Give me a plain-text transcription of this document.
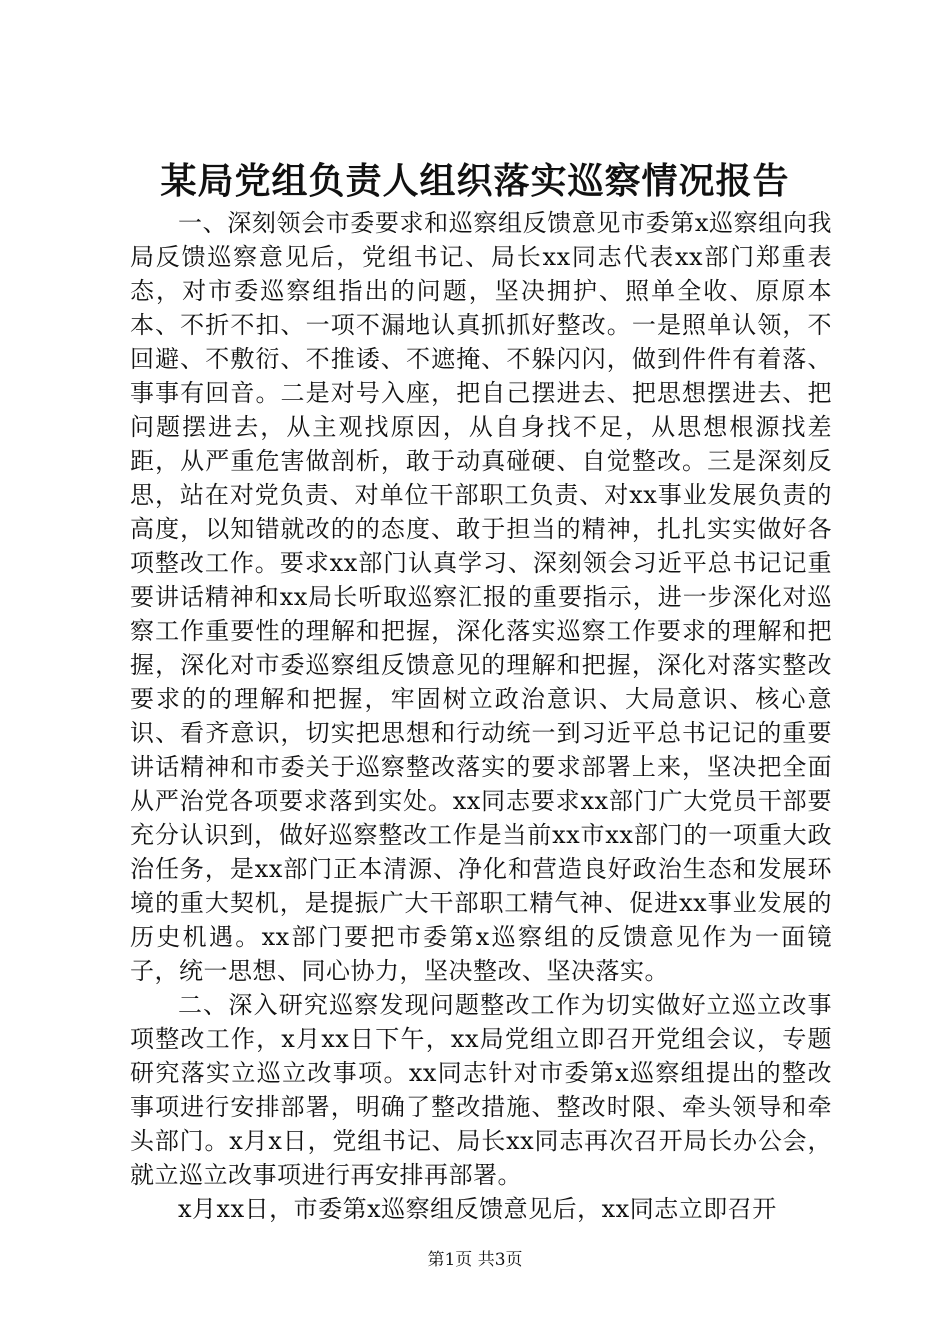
某局党组负责人组织落实巡察情况报告

一、深刻领会市委要求和巡察组反馈意见市委第x巡察组向我局反馈巡察意见后，党组书记、局长xx同志代表xx部门郑重表态，对市委巡察组指出的问题，坚决拥护、照单全收、原原本本、不折不扣、一项不漏地认真抓抓好整改。一是照单认领，不回避、不敷衍、不推诿、不遮掩、不躲闪闪，做到件件有着落、事事有回音。二是对号入座，把自己摆进去、把思想摆进去、把问题摆进去，从主观找原因，从自身找不足，从思想根源找差距，从严重危害做剖析，敢于动真碰硬、自觉整改。三是深刻反思，站在对党负责、对单位干部职工负责、对xx事业发展负责的高度，以知错就改的的态度、敢于担当的精神，扎扎实实做好各项整改工作。要求xx部门认真学习、深刻领会习近平总书记记重要讲话精神和xx局长听取巡察汇报的重要指示，进一步深化对巡察工作重要性的理解和把握，深化落实巡察工作要求的理解和把握，深化对市委巡察组反馈意见的理解和把握，深化对落实整改要求的的理解和把握，牢固树立政治意识、大局意识、核心意识、看齐意识，切实把思想和行动统一到习近平总书记记的重要讲话精神和市委关于巡察整改落实的要求部署上来，坚决把全面从严治党各项要求落到实处。xx同志要求xx部门广大党员干部要充分认识到，做好巡察整改工作是当前xx市xx部门的一项重大政治任务，是xx部门正本清源、净化和营造良好政治生态和发展环境的重大契机，是提振广大干部职工精气神、促进xx事业发展的历史机遇。xx部门要把市委第x巡察组的反馈意见作为一面镜子，统一思想、同心协力，坚决整改、坚决落实。

二、深入研究巡察发现问题整改工作为切实做好立巡立改事项整改工作，x月xx日下午，xx局党组立即召开党组会议，专题研究落实立巡立改事项。xx同志针对市委第x巡察组提出的整改事项进行安排部署，明确了整改措施、整改时限、牵头领导和牵头部门。x月x日，党组书记、局长xx同志再次召开局长办公会，就立巡立改事项进行再安排再部署。

x月xx日，市委第x巡察组反馈意见后，xx同志立即召开

第1页 共3页
